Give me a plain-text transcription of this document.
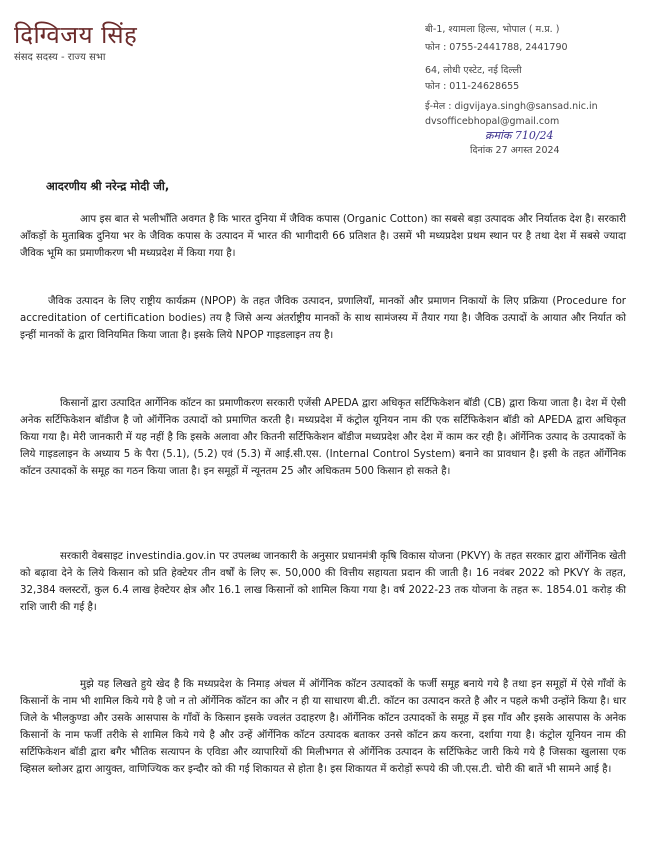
दिग्विजय सिंह
संसद सदस्य - राज्य सभा
बी-1, श्यामला हिल्स, भोपाल ( म.प्र. )
फोन : 0755-2441788, 2441790
64, लोधी एस्टेट, नई दिल्ली
फोन : 011-24628655
ई-मेल : digvijaya.singh@sansad.nic.in
dvsofficebhopal@gmail.com
क्रमांक 710/24
दिनांक 27 अगस्त 2024
आदरणीय श्री नरेन्द्र मोदी जी,

आप इस बात से भलीभाँति अवगत है कि भारत दुनिया में जैविक कपास (Organic Cotton) का सबसे बड़ा उत्पादक और निर्यातक देश है। सरकारी आँकड़ों के मुताबिक दुनिया भर के जैविक कपास के उत्पादन में भारत की भागीदारी 66 प्रतिशत है। उसमें भी मध्यप्रदेश प्रथम स्थान पर है तथा देश में सबसे ज्यादा जैविक भूमि का प्रमाणीकरण भी मध्यप्रदेश में किया गया है।

जैविक उत्पादन के लिए राष्ट्रीय कार्यक्रम (NPOP) के तहत जैविक उत्पादन, प्रणालियाँ, मानकों और प्रमाणन निकायों के लिए प्रक्रिया (Procedure for accreditation of certification bodies) तय है जिसे अन्य अंतर्राष्ट्रीय मानकों के साथ सामंजस्य में तैयार गया है। जैविक उत्पादों के आयात और निर्यात को इन्हीं मानकों के द्वारा विनियमित किया जाता है। इसके लिये NPOP गाइडलाइन तय है।

किसानों द्वारा उत्पादित आर्गेनिक कॉटन का प्रमाणीकरण सरकारी एजेंसी APEDA द्वारा अधिकृत सर्टिफिकेशन बॉडी (CB) द्वारा किया जाता है। देश में ऐसी अनेक सर्टिफिकेशन बॉडीज है जो ऑर्गेनिक उत्पादों को प्रमाणित करती है। मध्यप्रदेश में कंट्रोल यूनियन नाम की एक सर्टिफिकेशन बॉडी को APEDA द्वारा अधिकृत किया गया है। मेरी जानकारी में यह नहीं है कि इसके अलावा और कितनी सर्टिफिकेशन बॉडीज मध्यप्रदेश और देश में काम कर रही है। ऑर्गेनिक उत्पाद के उत्पादकों के लिये गाइडलाइन के अध्याय 5 के पैरा (5.1), (5.2) एवं (5.3) में आई.सी.एस. (Internal Control System) बनाने का प्रावधान है। इसी के तहत ऑर्गेनिक कॉटन उत्पादकों के समूह का गठन किया जाता है। इन समूहों में न्यूनतम 25 और अधिकतम 500 किसान हो सकते है।

सरकारी वेबसाइट investindia.gov.in पर उपलब्ध जानकारी के अनुसार प्रधानमंत्री कृषि विकास योजना (PKVY) के तहत सरकार द्वारा ऑर्गेनिक खेती को बढ़ावा देने के लिये किसान को प्रति हेक्टेयर तीन वर्षों के लिए रू. 50,000 की वित्तीय सहायता प्रदान की जाती है। 16 नवंबर 2022 को PKVY के तहत, 32,384 क्लस्टरों, कुल 6.4 लाख हेक्टेयर क्षेत्र और 16.1 लाख किसानों को शामिल किया गया है। वर्ष 2022-23 तक योजना के तहत रू. 1854.01 करोड़ की राशि जारी की गई है।

मुझे यह लिखते हुये खेद है कि मध्यप्रदेश के निमाड़ अंचल में ऑर्गेनिक कॉटन उत्पादकों के फर्जी समूह बनाये गये है तथा इन समूहों में ऐसे गाँवों के किसानों के नाम भी शामिल किये गये है जो न तो ऑर्गेनिक कॉटन का और न ही या साधारण बी.टी. कॉटन का उत्पादन करते है और न पहले कभी उन्होंने किया है। धार जिले के भीलकुण्डा और उसके आसपास के गाँवों के किसान इसके ज्वलंत उदाहरण है। ऑर्गेनिक कॉटन उत्पादकों के समूह में इस गाँव और इसके आसपास के अनेक किसानों के नाम फर्जी तरीके से शामिल किये गये है और उन्हें ऑर्गेनिक कॉटन उत्पादक बताकर उनसे कॉटन क्रय करना, दर्शाया गया है। कंट्रोल यूनियन नाम की सर्टिफिकेशन बॉडी द्वारा बगैर भौतिक सत्यापन के एविडा और व्यापारियों की मिलीभगत से ऑर्गेनिक उत्पादन के सर्टिफिकेट जारी किये गये है जिसका खुलासा एक व्हिसल ब्लोअर द्वारा आयुक्त, वाणिज्यिक कर इन्दौर को की गई शिकायत से होता है। इस शिकायत में करोड़ों रूपये की जी.एस.टी. चोरी की बातें भी सामने आई है।
